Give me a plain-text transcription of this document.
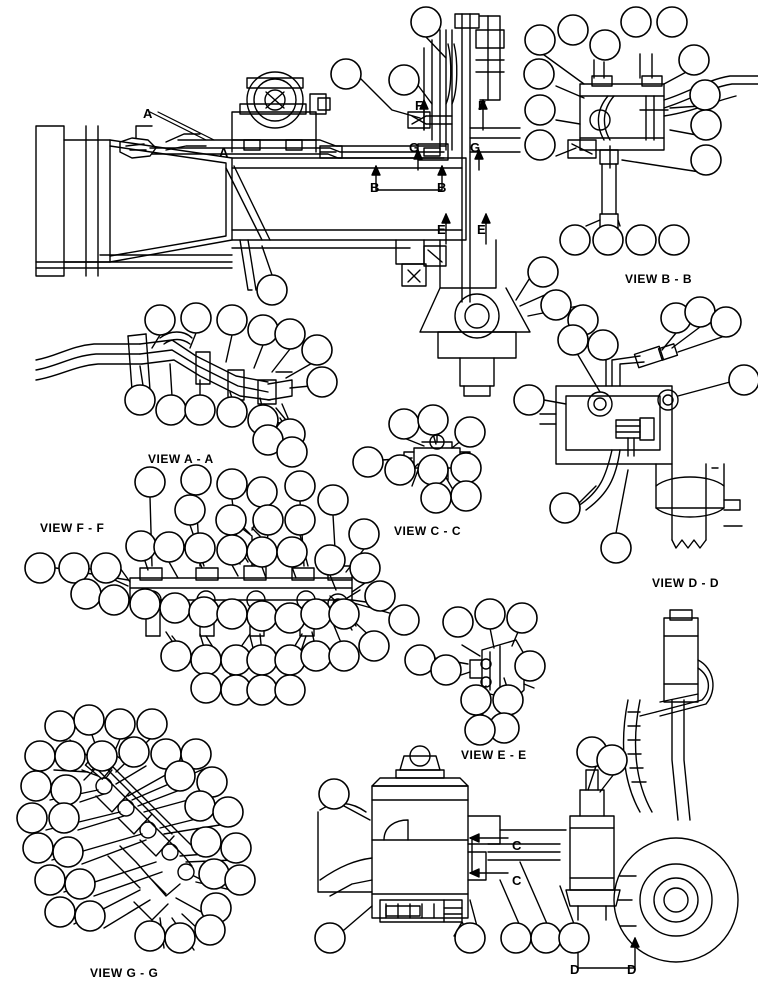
VIEW B - B
VIEW A - A
VIEW F - F	VIEW C - C
VIEW D - D
VIEW E - E
VIEW G - G
A
A
F	F
G	G
B	B
E E
C
C
D	D
